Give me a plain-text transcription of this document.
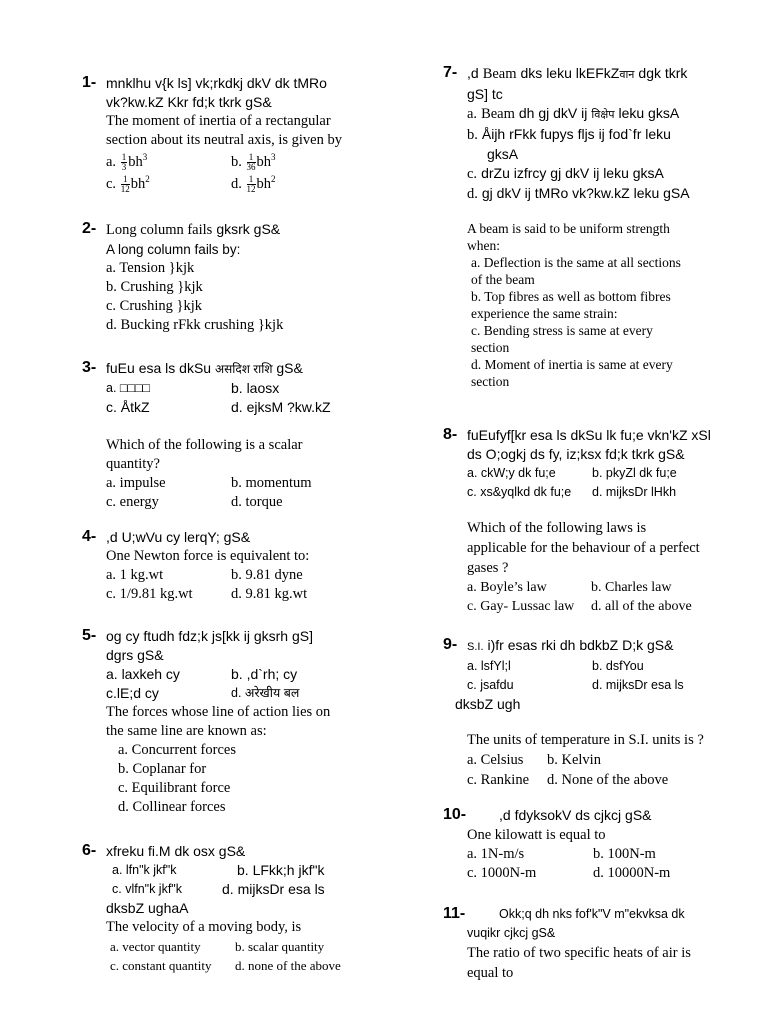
1- mnklhu v{k ls] vk;rkdkj dkV dk tMRo
vk?kw.kZ Kkr fd;k tkrk gS&
The moment of inertia of a rectangular
section about its neutral axis, is given by
a. $\frac{1}{3} bh^3$	b. $\frac{1}{36} bh^3$
c. $\frac{1}{12} bh^2$	d. $\frac{1}{12} bh^2$
2- Long column fails gksrk gS&
A long column fails by:
a. Tension }kjk
b. Crushing }kjk
c. Crushing }kjk
d. Bucking rFkk crushing }kjk
3- fuEu esa ls dkSu असदिश राशि gS&
a. □□□□	b. laosx
c. ÅtkZ	d. ejksM ?kw.kZ
Which of the following is a scalar
quantity?
a. impulse	b. momentum
c. energy	d. torque
4- ,d U;wVu cy lerqY; gS&
One Newton force is equivalent to:
a. 1 kg.wt	b. 9.81 dyne
c. 1/9.81 kg.wt	d. 9.81 kg.wt
5- og cy ftudh fdz;k js[kk ij gksrh gS]
dgrs gS&
a. laxkeh cy	b. ,d`rh; cy
c.lE;d cy	d. अरेखीय बल
The forces whose line of action lies on
the same line are known as:
a. Concurrent forces
b. Coplanar for
c. Equilibrant force
d. Collinear forces
6- xfreku fi.M dk osx gS&
a. lfn"k jkf"k	b. LFkk;h jkf"k
c. vlfn"k jkf"k	d. mijksDr esa ls
dksbZ ughaA
The velocity of a moving body, is
a. vector quantity	b. scalar quantity
c. constant quantity	d. none of the above
7- ,d Beam dks leku lkEFkZवान dgk tkrk
gS] tc
a. Beam dh gj dkV ij विक्षेप leku gksA
b. Åijh rFkk fupys fljs ij fod`fr leku
gksA
c. drZu izfrcy gj dkV ij leku gksA
d. gj dkV ij tMRo vk?kw.kZ leku gSA
A beam is said to be uniform strength
when:
a. Deflection is the same at all sections
of the beam
b. Top fibres as well as bottom fibres
experience the same strain:
c. Bending stress is same at every
section
d. Moment of inertia is same at every
section
8- fuEufyf[kr esa ls dkSu lk fu;e vkn'kZ xSl
ds O;ogkj ds fy, iz;ksx fd;k tkrk gS&
a. ckW;y dk fu;e	b. pkyZl dk fu;e
c. xs&yqlkd dk fu;e	d. mijksDr lHkh
Which of the following laws is
applicable for the behaviour of a perfect
gases ?
a. Boyle’s law	b. Charles law
c. Gay- Lussac law	d. all of the above
9- S.I. i)fr esas rki dh bdkbZ D;k gS&
a. lsfYl;l	b. dsfYou
c. jsafdu	d. mijksDr esa ls
dksbZ ugh
The units of temperature in S.I. units is ?
a. Celsius	b. Kelvin
c. Rankine	d. None of the above
10-	,d fdyksokV ds cjkcj gS&
One kilowatt is equal to
a. 1N-m/s	b. 100N-m
c. 1000N-m	d. 10000N-m
11-	Okk;q dh nks fof'k"V m"ekvksa dk
vuqikr cjkcj gS&
The ratio of two specific heats of air is
equal to
